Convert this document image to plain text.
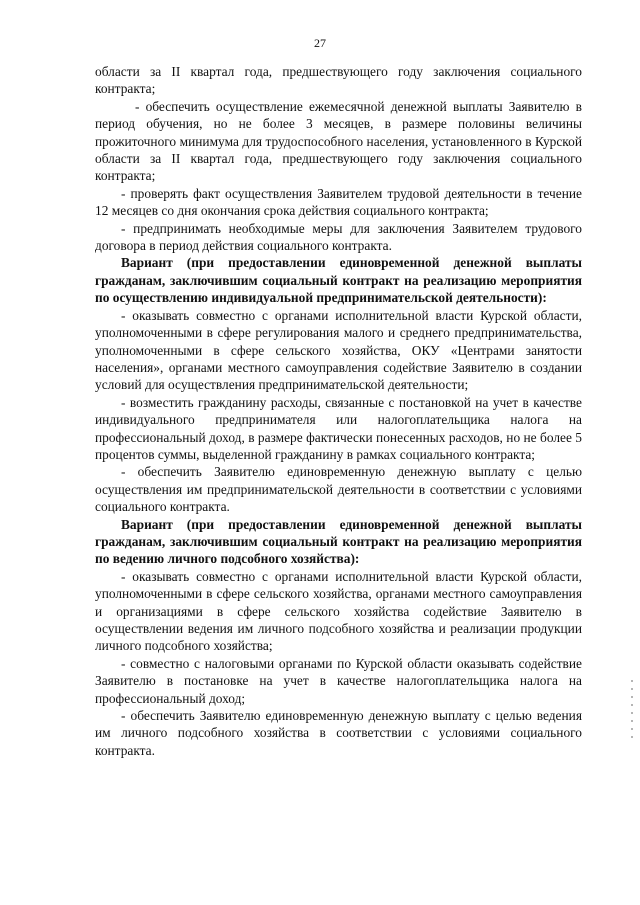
27

области за II квартал года, предшествующего году заключения социального контракта;

- обеспечить осуществление ежемесячной денежной выплаты Заявителю в период обучения, но не более 3 месяцев, в размере половины величины прожиточного минимума для трудоспособного населения, установленного в Курской области за II квартал года, предшествующего году заключения социального контракта;

- проверять факт осуществления Заявителем трудовой деятельности в течение 12 месяцев со дня окончания срока действия социального контракта;

- предпринимать необходимые меры для заключения Заявителем трудового договора в период действия социального контракта.

Вариант (при предоставлении единовременной денежной выплаты гражданам, заключившим социальный контракт на реализацию мероприятия по осуществлению индивидуальной предпринимательской деятельности):

- оказывать совместно с органами исполнительной власти Курской области, уполномоченными в сфере регулирования малого и среднего предпринимательства, уполномоченными в сфере сельского хозяйства, ОКУ «Центрами занятости населения», органами местного самоуправления содействие Заявителю в создании условий для осуществления предпринимательской деятельности;

- возместить гражданину расходы, связанные с постановкой на учет в качестве индивидуального предпринимателя или налогоплательщика налога на профессиональный доход, в размере фактически понесенных расходов, но не более 5 процентов суммы, выделенной гражданину в рамках социального контракта;

- обеспечить Заявителю единовременную денежную выплату с целью осуществления им предпринимательской деятельности в соответствии с условиями социального контракта.

Вариант (при предоставлении единовременной денежной выплаты гражданам, заключившим социальный контракт на реализацию мероприятия по ведению личного подсобного хозяйства):

- оказывать совместно с органами исполнительной власти Курской области, уполномоченными в сфере сельского хозяйства, органами местного самоуправления и организациями в сфере сельского хозяйства содействие Заявителю в осуществлении ведения им личного подсобного хозяйства и реализации продукции личного подсобного хозяйства;

- совместно с налоговыми органами по Курской области оказывать содействие Заявителю в постановке на учет в качестве налогоплательщика налога на профессиональный доход;

- обеспечить Заявителю единовременную денежную выплату с целью ведения им личного подсобного хозяйства в соответствии с условиями социального контракта.
